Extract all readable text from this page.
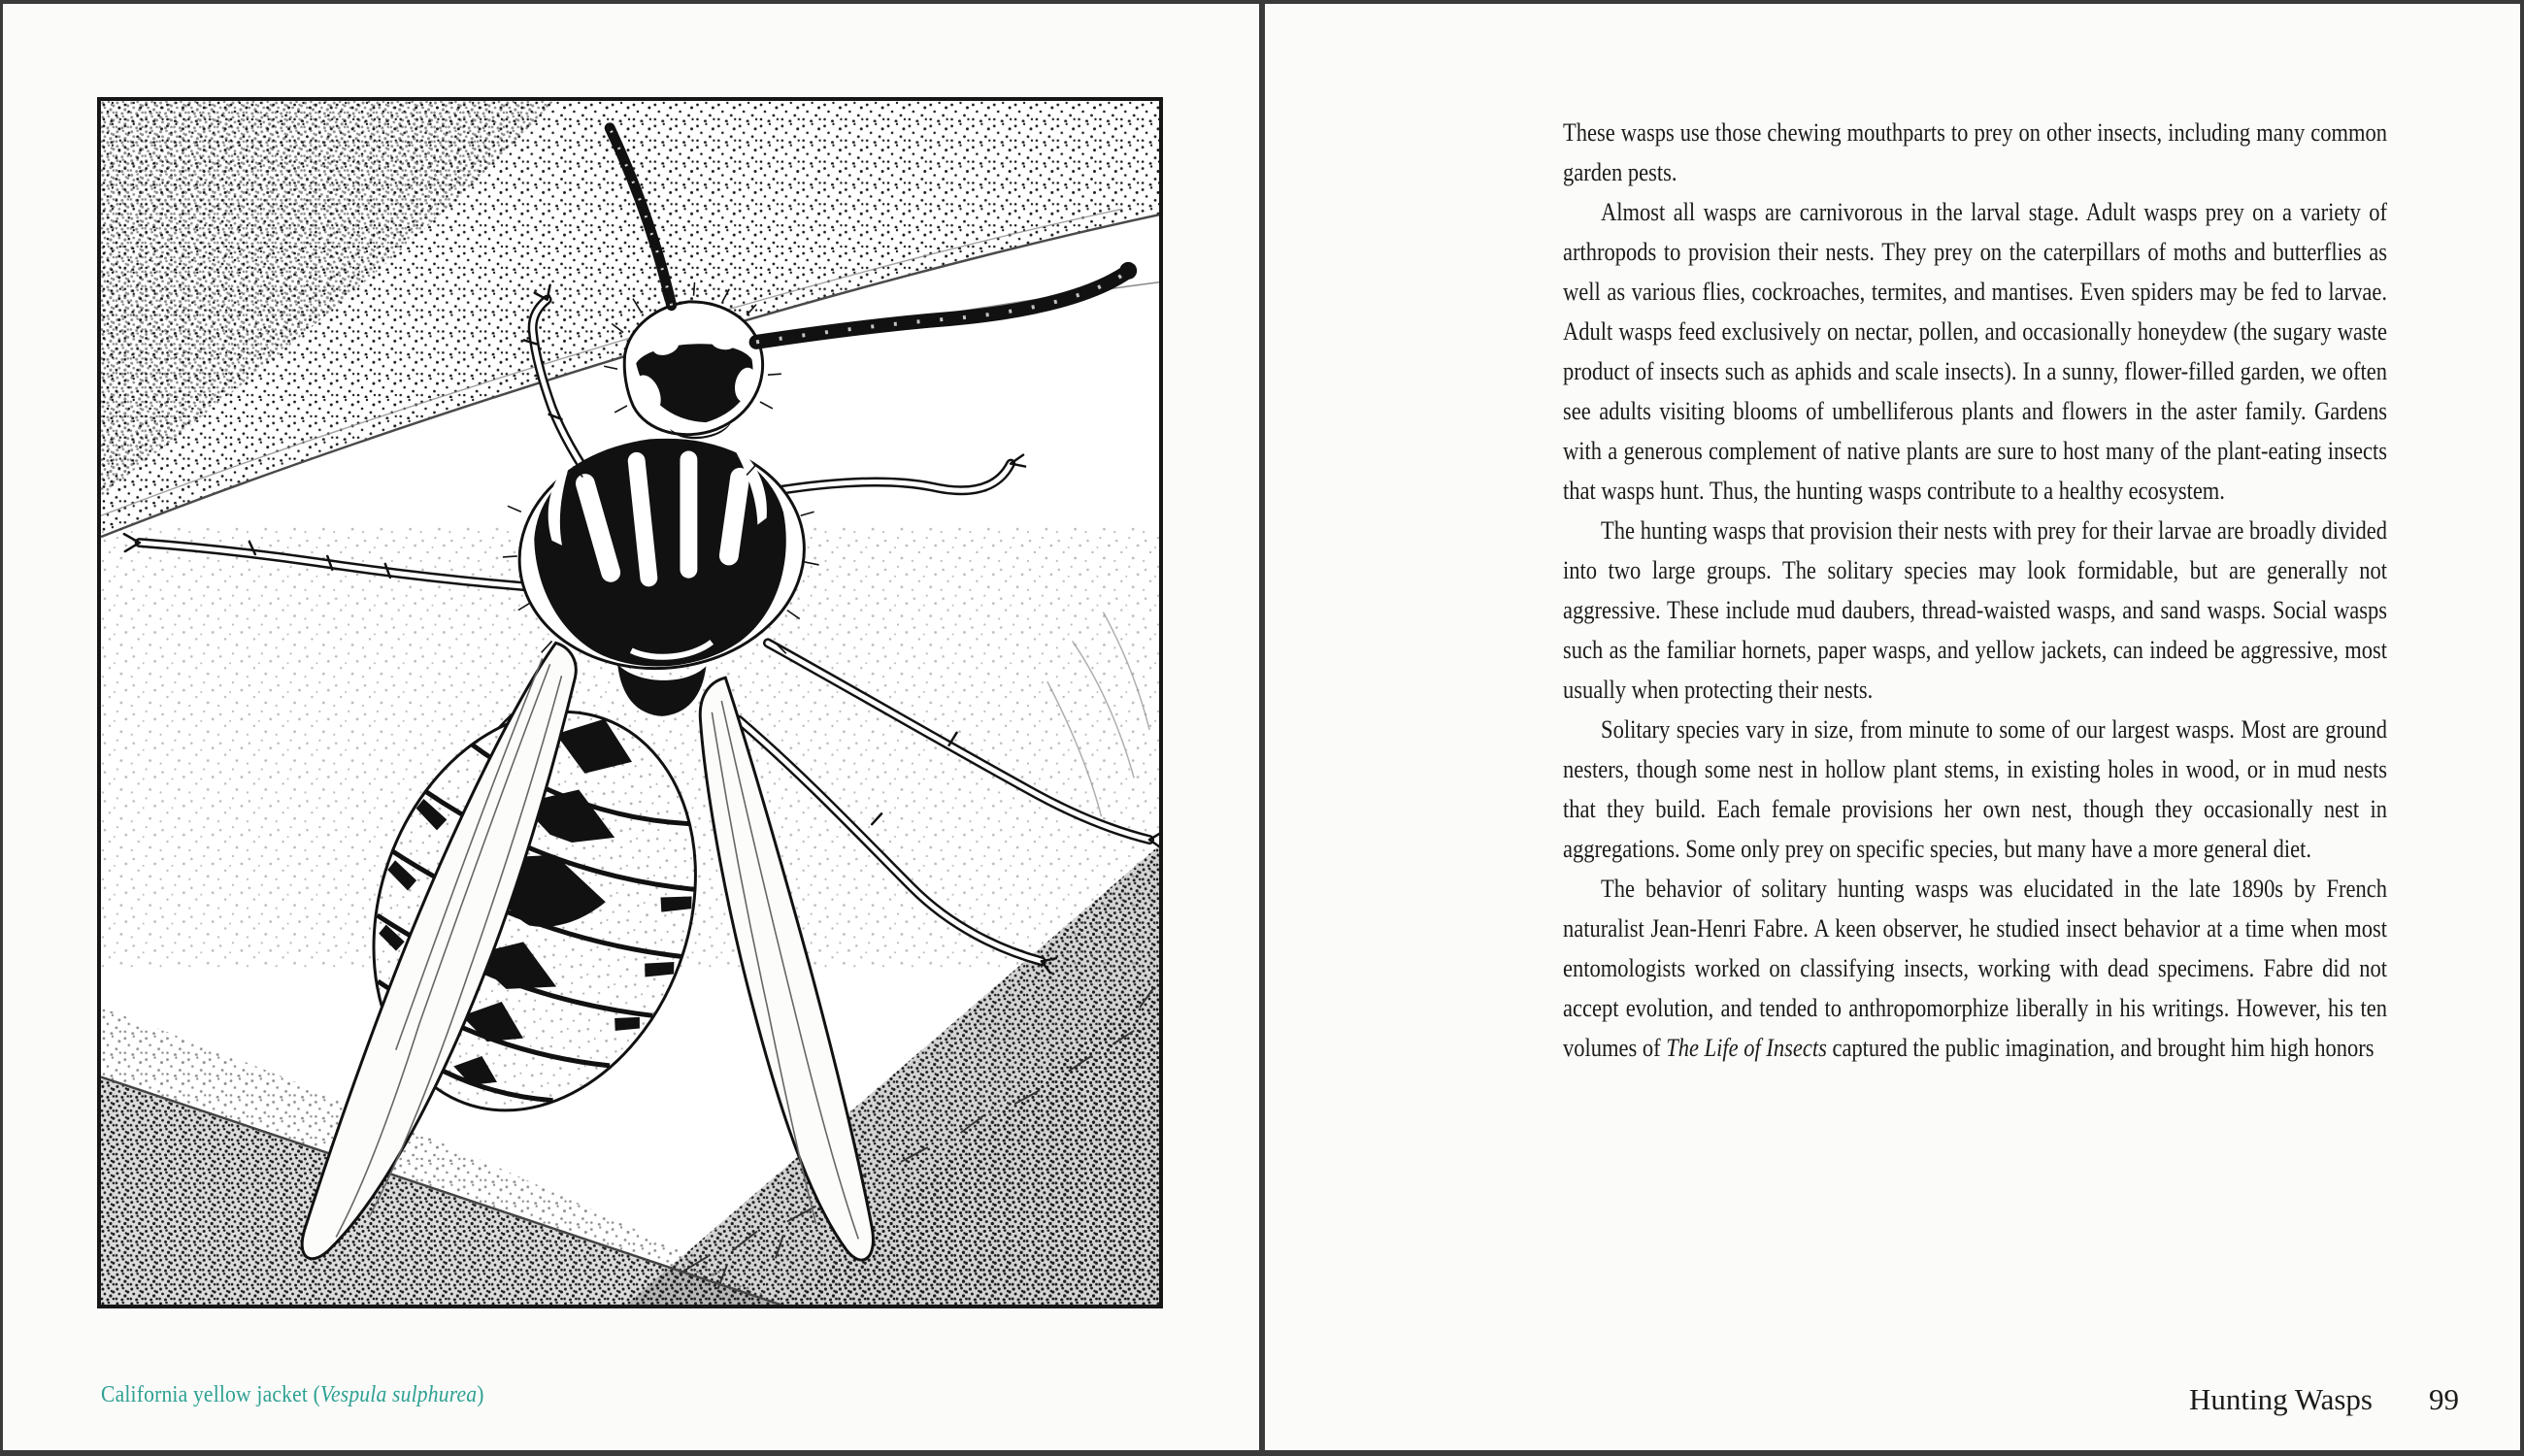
California yellow jacket (Vespula sulphurea)

These wasps use those chewing mouthparts to prey on other insects, including many common garden pests.

Almost all wasps are carnivorous in the larval stage. Adult wasps prey on a variety of arthropods to provision their nests. They prey on the caterpillars of moths and butterflies as well as various flies, cockroaches, termites, and mantises. Even spiders may be fed to larvae. Adult wasps feed exclusively on nectar, pollen, and occasionally honeydew (the sugary waste product of insects such as aphids and scale insects). In a sunny, flower-filled garden, we often see adults visiting blooms of umbelliferous plants and flowers in the aster family. Gardens with a generous complement of native plants are sure to host many of the plant-eating insects that wasps hunt. Thus, the hunting wasps contribute to a healthy ecosystem.

The hunting wasps that provision their nests with prey for their larvae are broadly divided into two large groups. The solitary species may look formidable, but are generally not aggressive. These include mud daubers, thread-waisted wasps, and sand wasps. Social wasps such as the familiar hornets, paper wasps, and yellow jackets, can indeed be aggressive, most usually when protecting their nests.

Solitary species vary in size, from minute to some of our largest wasps. Most are ground nesters, though some nest in hollow plant stems, in existing holes in wood, or in mud nests that they build. Each female provisions her own nest, though they occasionally nest in aggregations. Some only prey on specific species, but many have a more general diet.

The behavior of solitary hunting wasps was elucidated in the late 1890s by French naturalist Jean-Henri Fabre. A keen observer, he studied insect behavior at a time when most entomologists worked on classifying insects, working with dead specimens. Fabre did not accept evolution, and tended to anthropomorphize liberally in his writings. However, his ten volumes of The Life of Insects captured the public imagination, and brought him high honors

Hunting Wasps 99
